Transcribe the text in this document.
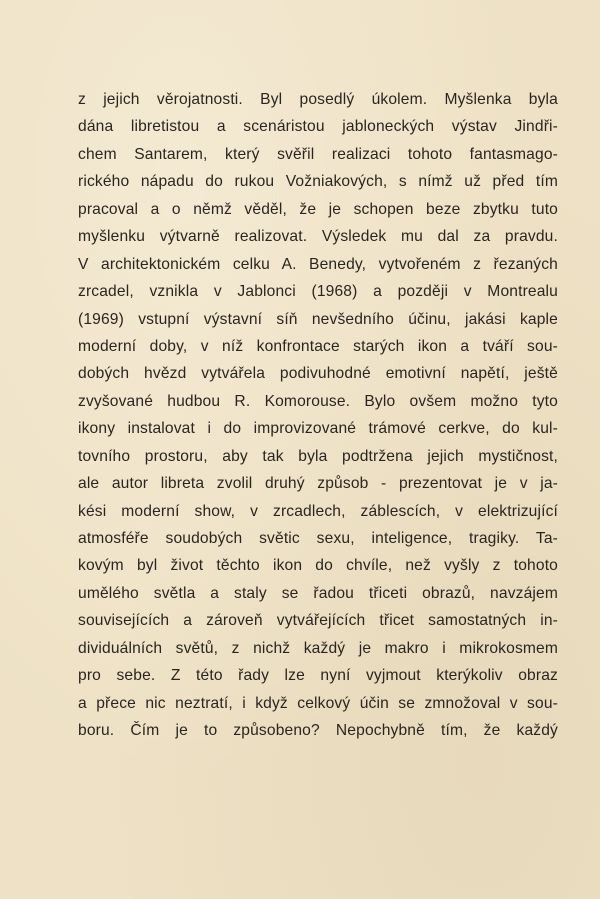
z jejich věrojatnosti. Byl posedlý úkolem. Myšlenka byla
dána libretistou a scenáristou jabloneckých výstav Jindři-
chem Santarem, který svěřil realizaci tohoto fantasmago-
rického nápadu do rukou Vožniakových, s nímž už před tím
pracoval a o němž věděl, že je schopen beze zbytku tuto
myšlenku výtvarně realizovat. Výsledek mu dal za pravdu.
V architektonickém celku A. Benedy, vytvořeném z řezaných
zrcadel, vznikla v Jablonci (1968) a později v Montrealu
(1969) vstupní výstavní síň nevšedního účinu, jakási kaple
moderní doby, v níž konfrontace starých ikon a tváří sou-
dobých hvězd vytvářela podivuhodné emotivní napětí, ještě
zvyšované hudbou R. Komorouse. Bylo ovšem možno tyto
ikony instalovat i do improvizované trámové cerkve, do kul-
tovního prostoru, aby tak byla podtržena jejich mystičnost,
ale autor libreta zvolil druhý způsob - prezentovat je v ja-
kési moderní show, v zrcadlech, záblescích, v elektrizující
atmosféře soudobých světic sexu, inteligence, tragiky. Ta-
kovým byl život těchto ikon do chvíle, než vyšly z tohoto
umělého světla a staly se řadou třiceti obrazů, navzájem
souvisejících a zároveň vytvářejících třicet samostatných in-
dividuálních světů, z nichž každý je makro i mikrokosmem
pro sebe. Z této řady lze nyní vyjmout kterýkoliv obraz
a přece nic neztratí, i když celkový účin se zmnožoval v sou-
boru. Čím je to způsobeno? Nepochybně tím, že každý
